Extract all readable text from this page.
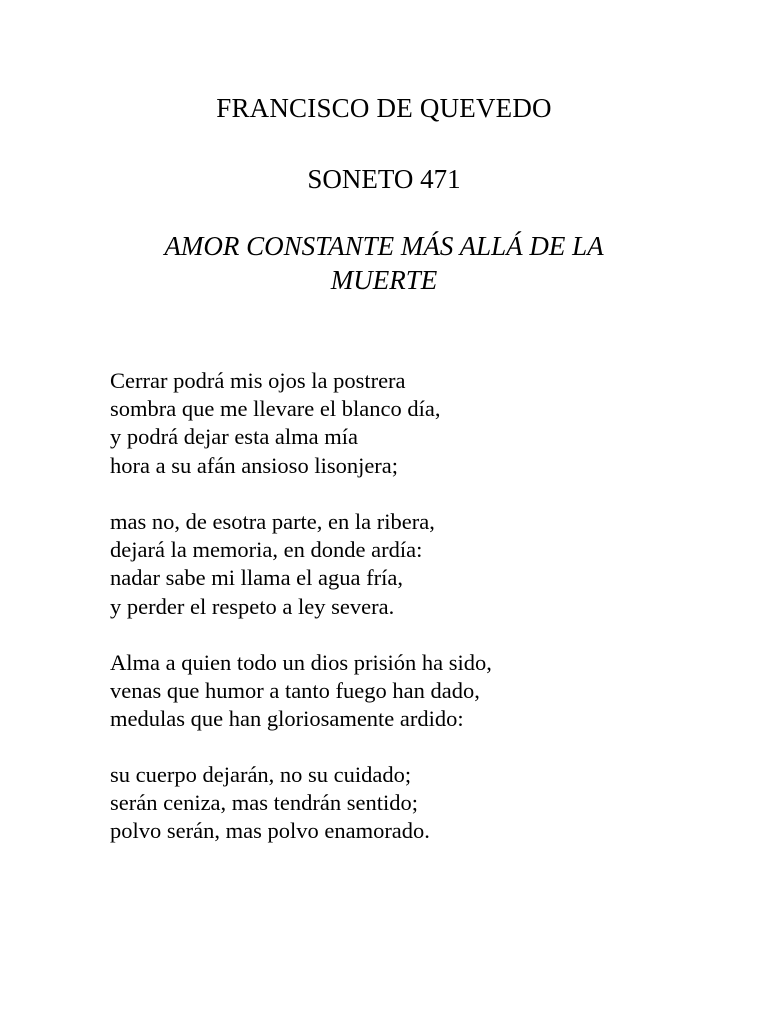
FRANCISCO DE QUEVEDO
SONETO 471
AMOR CONSTANTE MÁS ALLÁ DE LA
MUERTE
Cerrar podrá mis ojos la postrera
sombra que me llevare el blanco día,
y podrá dejar esta alma mía
hora a su afán ansioso lisonjera;
mas no, de esotra parte, en la ribera,
dejará la memoria, en donde ardía:
nadar sabe mi llama el agua fría,
y perder el respeto a ley severa.
Alma a quien todo un dios prisión ha sido,
venas que humor a tanto fuego han dado,
medulas que han gloriosamente ardido:
su cuerpo dejarán, no su cuidado;
serán ceniza, mas tendrán sentido;
polvo serán, mas polvo enamorado.
